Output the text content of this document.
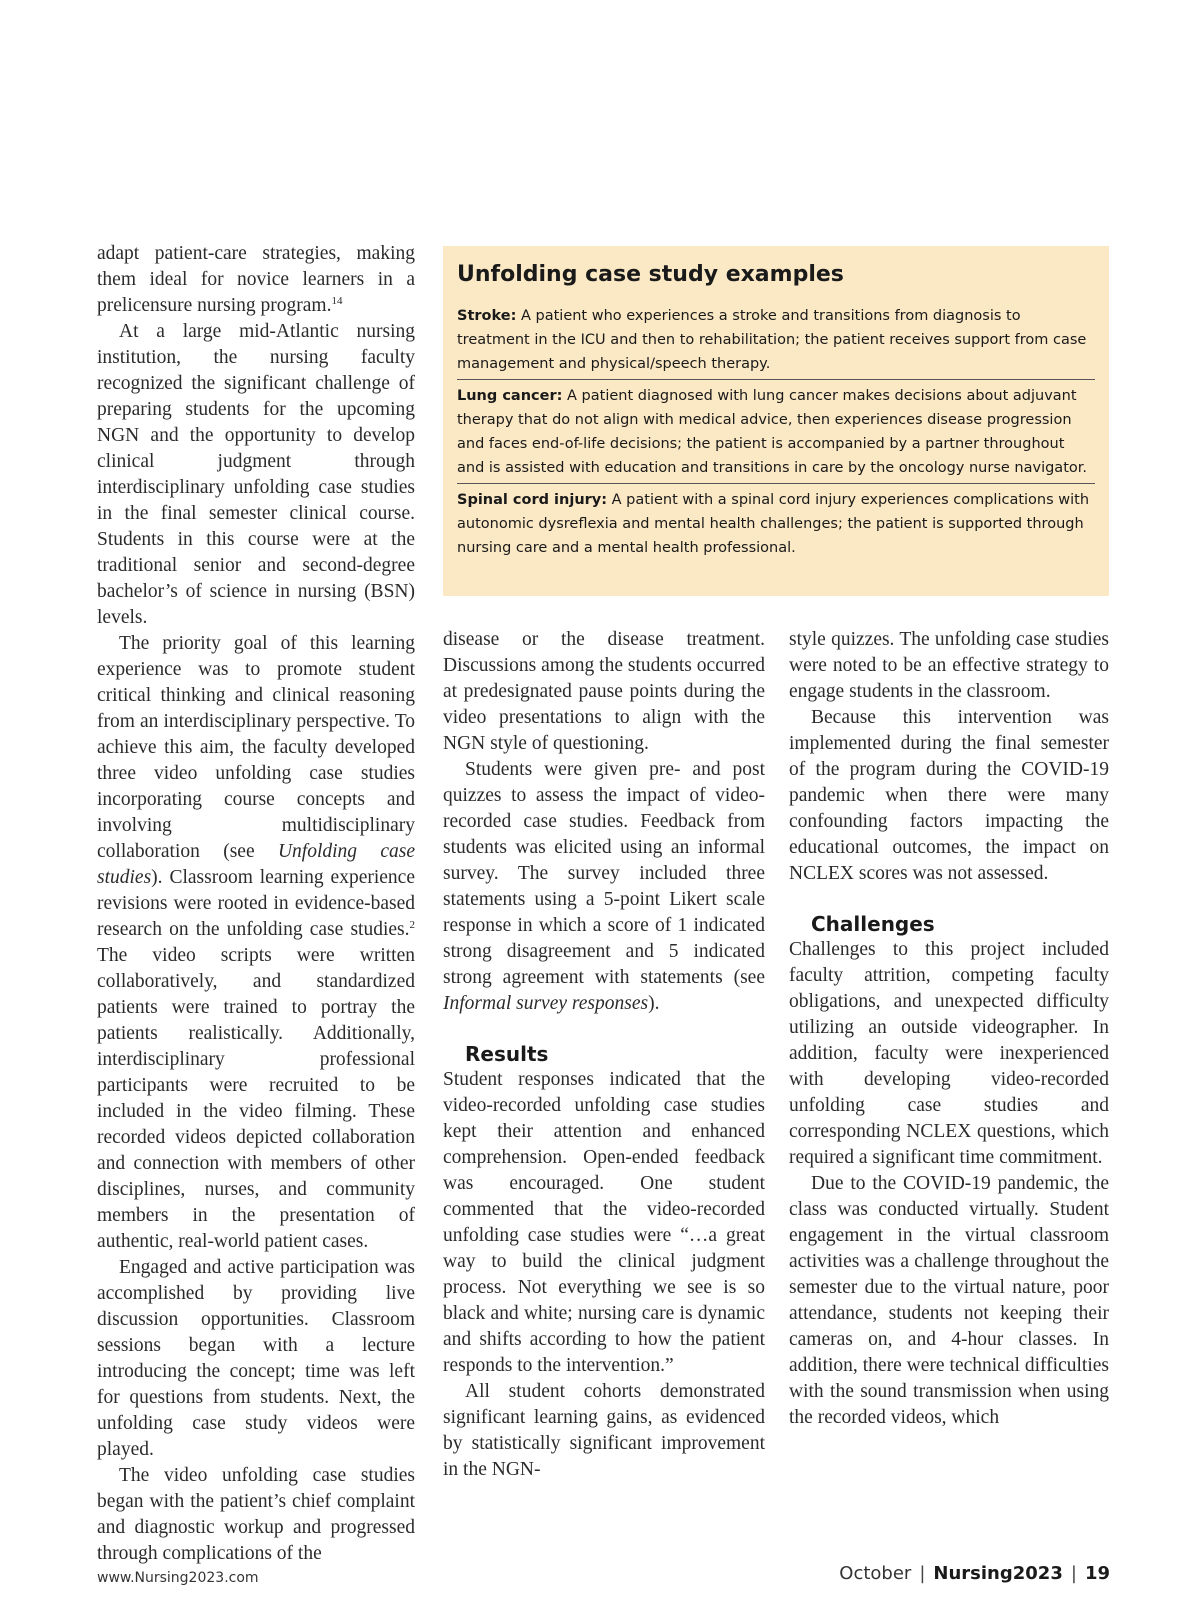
adapt patient-care strategies, making them ideal for novice learners in a prelicensure nursing program.$^{14}$

At a large mid-Atlantic nursing institution, the nursing faculty recognized the significant challenge of preparing students for the upcoming NGN and the opportunity to develop clinical judgment through interdisciplinary unfolding case studies in the final semester clinical course. Students in this course were at the traditional senior and second-degree bachelor’s of science in nursing (BSN) levels.

The priority goal of this learning experience was to promote student critical thinking and clinical reasoning from an interdisciplinary perspective. To achieve this aim, the faculty developed three video unfolding case studies incorporating course concepts and involving multidisciplinary collaboration (see Unfolding case studies). Classroom learning experience revisions were rooted in evidence-based research on the unfolding case studies.$^2$ The video scripts were written collaboratively, and standardized patients were trained to portray the patients realistically. Additionally, interdisciplinary professional participants were recruited to be included in the video filming. These recorded videos depicted collaboration and connection with members of other disciplines, nurses, and community members in the presentation of authentic, real-world patient cases.

Engaged and active participation was accomplished by providing live discussion opportunities. Classroom sessions began with a lecture introducing the concept; time was left for questions from students. Next, the unfolding case study videos were played.

The video unfolding case studies began with the patient’s chief complaint and diagnostic workup and progressed through complications of the

Unfolding case study examples
Stroke: A patient who experiences a stroke and transitions from diagnosis to treatment in the ICU and then to rehabilitation; the patient receives support from case management and physical/speech therapy.
Lung cancer: A patient diagnosed with lung cancer makes decisions about adjuvant therapy that do not align with medical advice, then experiences disease progression and faces end-of-life decisions; the patient is accompanied by a partner throughout and is assisted with education and transitions in care by the oncology nurse navigator.
Spinal cord injury: A patient with a spinal cord injury experiences complications with autonomic dysreflexia and mental health challenges; the patient is supported through nursing care and a mental health professional.

disease or the disease treatment. Discussions among the students occurred at predesignated pause points during the video presentations to align with the NGN style of questioning.

Students were given pre- and post quizzes to assess the impact of video-recorded case studies. Feedback from students was elicited using an informal survey. The survey included three statements using a 5-point Likert scale response in which a score of 1 indicated strong disagreement and 5 indicated strong agreement with statements (see Informal survey responses).

Results

Student responses indicated that the video-recorded unfolding case studies kept their attention and enhanced comprehension. Open-ended feedback was encouraged. One student commented that the video-recorded unfolding case studies were “…a great way to build the clinical judgment process. Not everything we see is so black and white; nursing care is dynamic and shifts according to how the patient responds to the intervention.”

All student cohorts demonstrated significant learning gains, as evidenced by statistically significant improvement in the NGN-

style quizzes. The unfolding case studies were noted to be an effective strategy to engage students in the classroom.

Because this intervention was implemented during the final semester of the program during the COVID-19 pandemic when there were many confounding factors impacting the educational outcomes, the impact on NCLEX scores was not assessed.

Challenges

Challenges to this project included faculty attrition, competing faculty obligations, and unexpected difficulty utilizing an outside videographer. In addition, faculty were inexperienced with developing video-recorded unfolding case studies and corresponding NCLEX questions, which required a significant time commitment.

Due to the COVID-19 pandemic, the class was conducted virtually. Student engagement in the virtual classroom activities was a challenge throughout the semester due to the virtual nature, poor attendance, students not keeping their cameras on, and 4-hour classes. In addition, there were technical difficulties with the sound transmission when using the recorded videos, which

www.Nursing2023.com	October | Nursing2023 | 19
